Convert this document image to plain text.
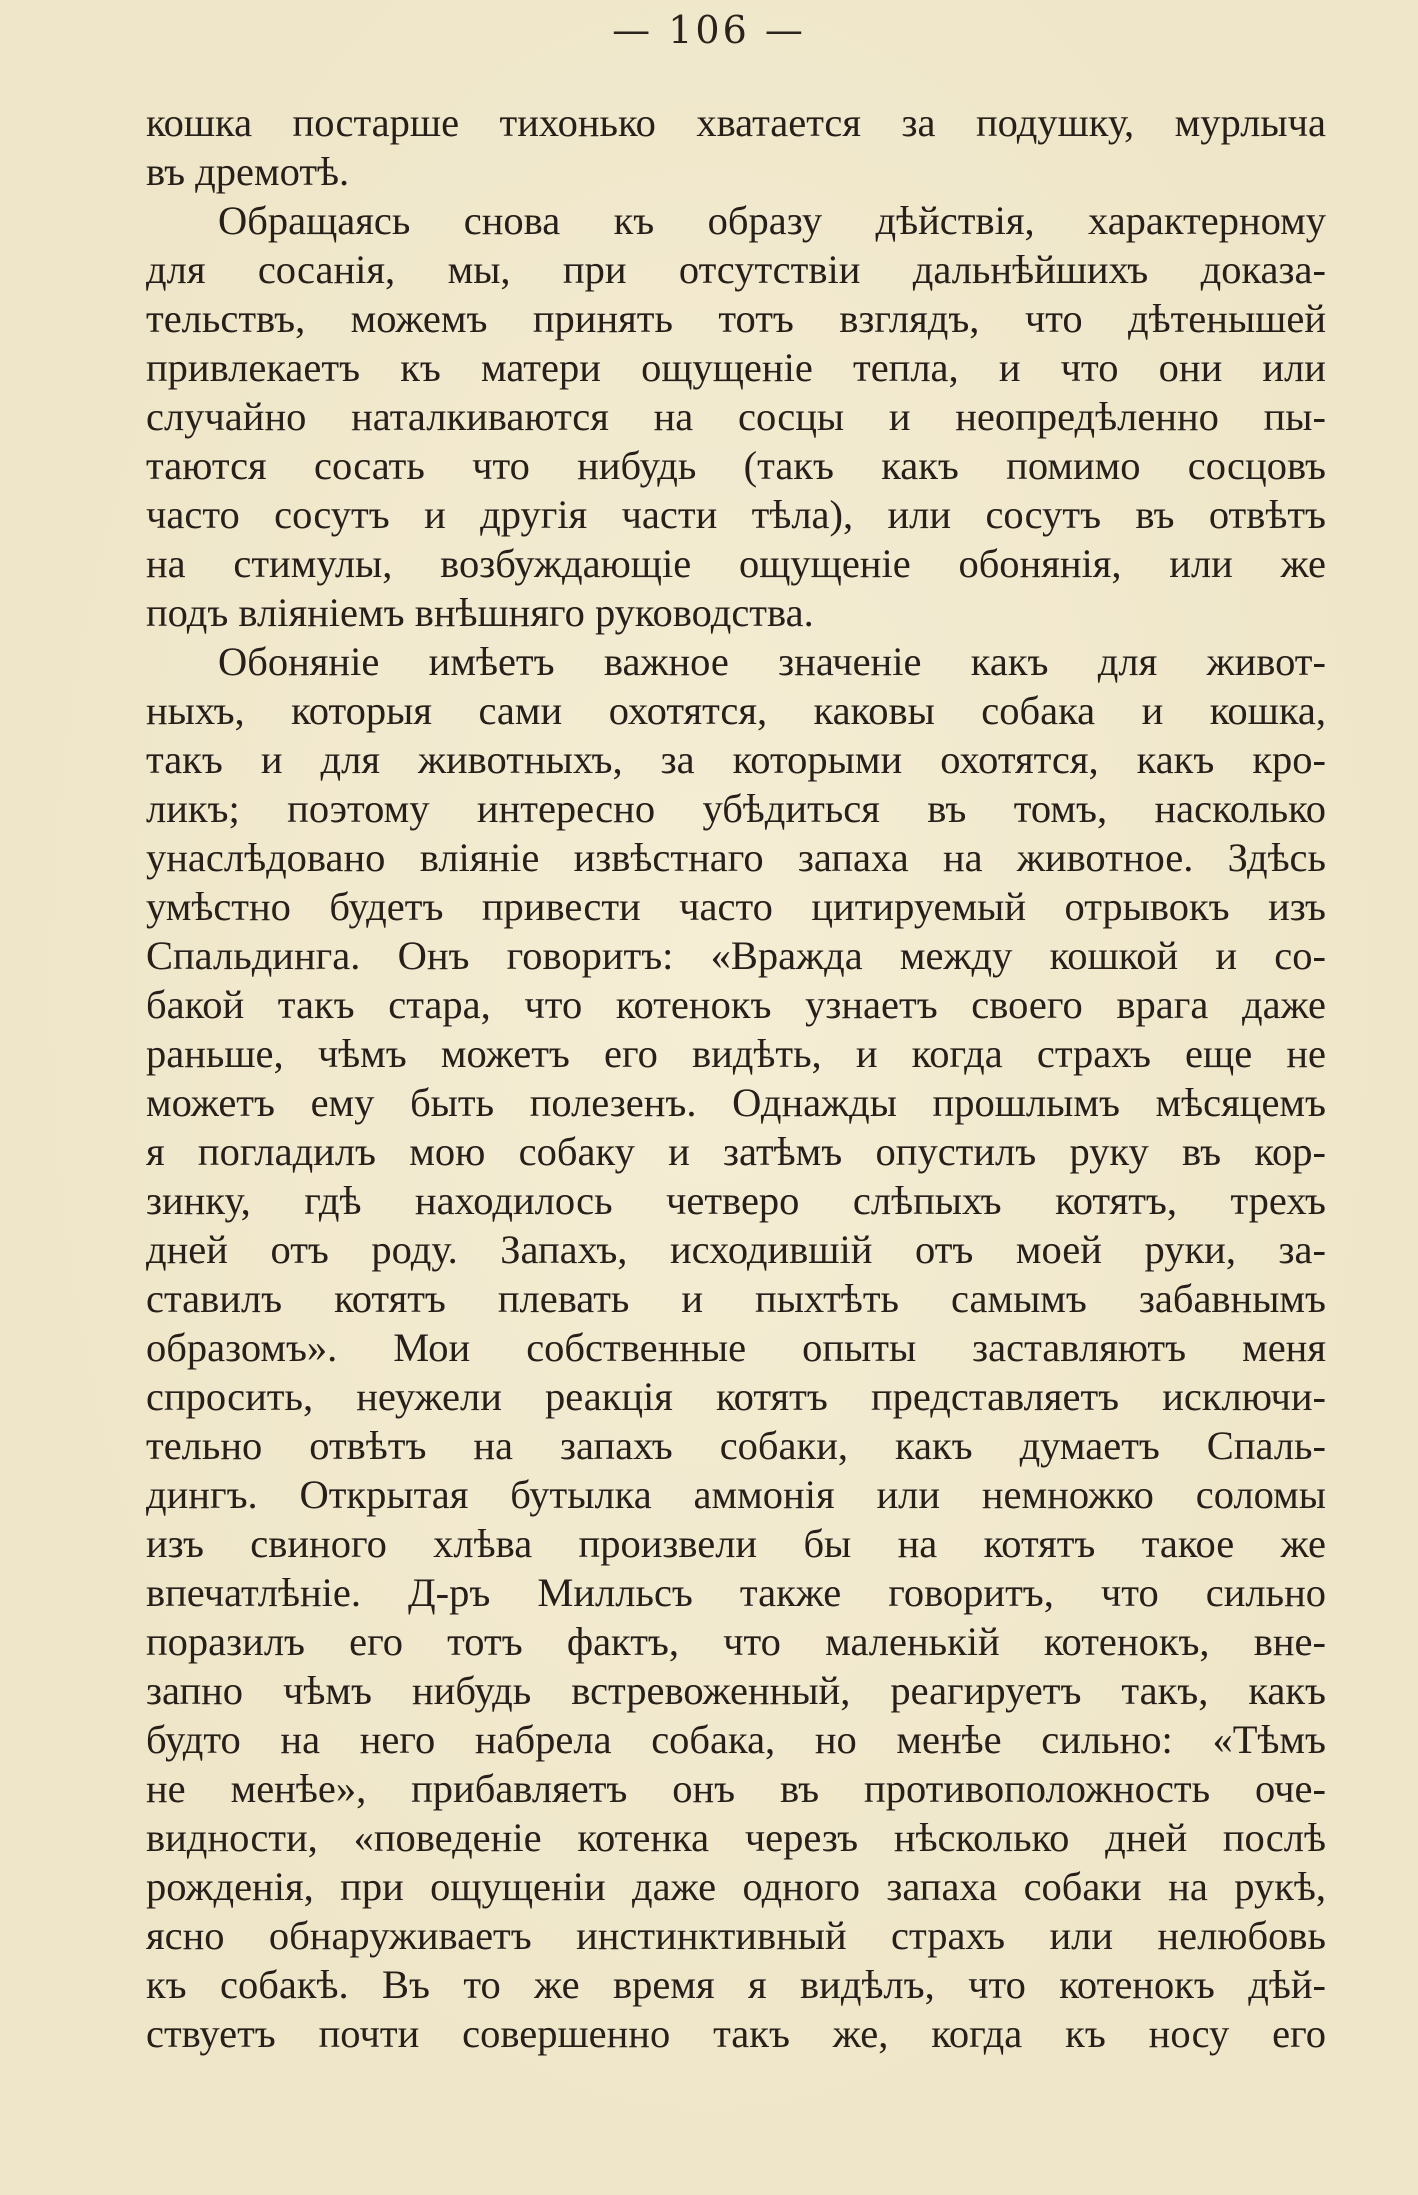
— 106 —
кошка постарше тихонько хватается за подушку, мурлыча
въ дремотѣ.
Обращаясь снова къ образу дѣйствія, характерному
для сосанія, мы, при отсутствіи дальнѣйшихъ доказа-
тельствъ, можемъ принять тотъ взглядъ, что дѣтенышей
привлекаетъ къ матери ощущеніе тепла, и что они или
случайно наталкиваются на сосцы и неопредѣленно пы-
таются сосать что нибудь (такъ какъ помимо сосцовъ
часто сосутъ и другія части тѣла), или сосутъ въ отвѣтъ
на стимулы, возбуждающіе ощущеніе обонянія, или же
подъ вліяніемъ внѣшняго руководства.
Обоняніе имѣетъ важное значеніе какъ для живот-
ныхъ, которыя сами охотятся, каковы собака и кошка,
такъ и для животныхъ, за которыми охотятся, какъ кро-
ликъ; поэтому интересно убѣдиться въ томъ, насколько
унаслѣдовано вліяніе извѣстнаго запаха на животное. Здѣсь
умѣстно будетъ привести часто цитируемый отрывокъ изъ
Спальдинга. Онъ говоритъ: «Вражда между кошкой и со-
бакой такъ стара, что котенокъ узнаетъ своего врага даже
раньше, чѣмъ можетъ его видѣть, и когда страхъ еще не
можетъ ему быть полезенъ. Однажды прошлымъ мѣсяцемъ
я погладилъ мою собаку и затѣмъ опустилъ руку въ кор-
зинку, гдѣ находилось четверо слѣпыхъ котятъ, трехъ
дней отъ роду. Запахъ, исходившій отъ моей руки, за-
ставилъ котятъ плевать и пыхтѣть самымъ забавнымъ
образомъ». Мои собственные опыты заставляютъ меня
спросить, неужели реакція котятъ представляетъ исключи-
тельно отвѣтъ на запахъ собаки, какъ думаетъ Спаль-
дингъ. Открытая бутылка аммонія или немножко соломы
изъ свиного хлѣва произвели бы на котятъ такое же
впечатлѣніе. Д-ръ Милльсъ также говоритъ, что сильно
поразилъ его тотъ фактъ, что маленькій котенокъ, вне-
запно чѣмъ нибудь встревоженный, реагируетъ такъ, какъ
будто на него набрела собака, но менѣе сильно: «Тѣмъ
не менѣе», прибавляетъ онъ въ противоположность оче-
видности, «поведеніе котенка черезъ нѣсколько дней послѣ
рожденія, при ощущеніи даже одного запаха собаки на рукѣ,
ясно обнаруживаетъ инстинктивный страхъ или нелюбовь
къ собакѣ. Въ то же время я видѣлъ, что котенокъ дѣй-
ствуетъ почти совершенно такъ же, когда къ носу его
